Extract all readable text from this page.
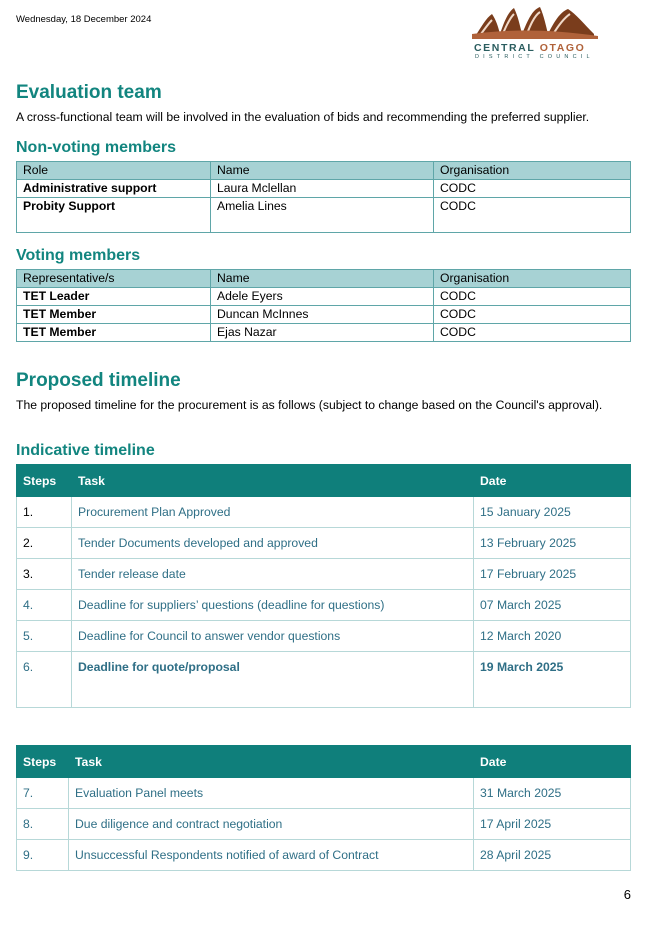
Wednesday, 18 December 2024
CENTRAL OTAGO
DISTRICT COUNCIL
Evaluation team

A cross-functional team will be involved in the evaluation of bids and recommending the preferred supplier.

Non-voting members
Role	Name	Organisation
Administrative support	Laura Mclellan	CODC
Probity Support	Amelia Lines	CODC
Voting members
Representative/s	Name	Organisation
TET Leader	Adele Eyers	CODC
TET Member	Duncan McInnes	CODC
TET Member	Ejas Nazar	CODC
Proposed timeline

The proposed timeline for the procurement is as follows (subject to change based on the Council's approval).

Indicative timeline
Steps	Task	Date
1.	Procurement Plan Approved	15 January 2025
2.	Tender Documents developed and approved	13 February 2025
3.	Tender release date	17 February 2025
4.	Deadline for suppliers’ questions (deadline for questions)	07 March 2025
5.	Deadline for Council to answer vendor questions	12 March 2020
6.	Deadline for quote/proposal	19 March 2025
Steps	Task	Date
7.	Evaluation Panel meets	31 March 2025
8.	Due diligence and contract negotiation	17 April 2025
9.	Unsuccessful Respondents notified of award of Contract	28 April 2025
6
